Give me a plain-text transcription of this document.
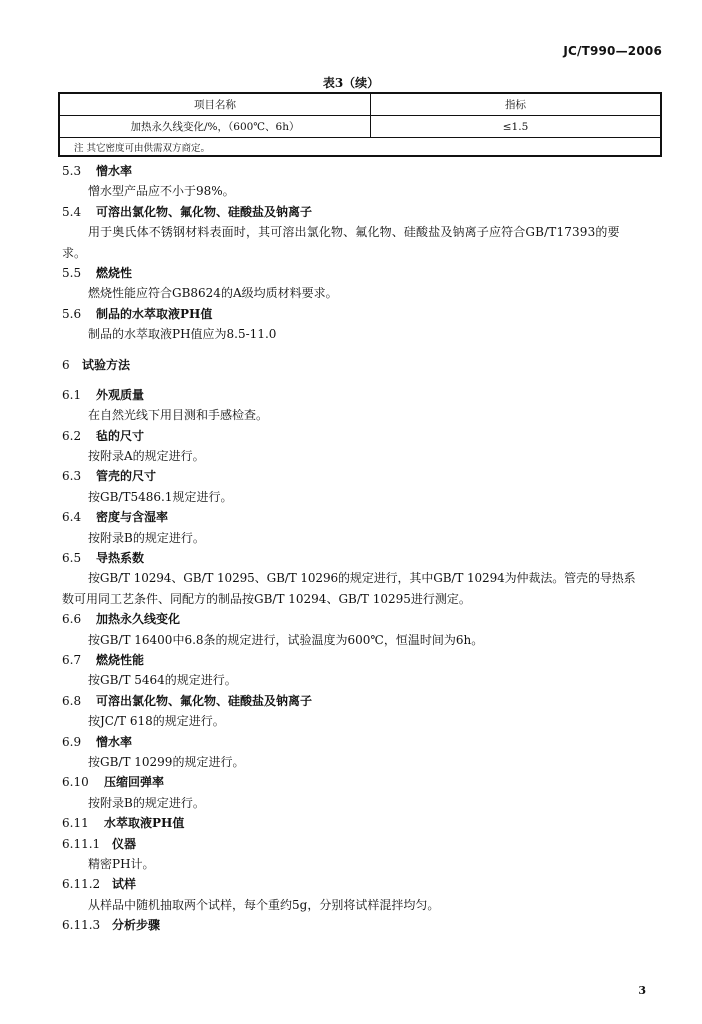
JC/T990—2006
表3（续）
项目名称	指标
加热永久线变化/%，（600℃、6h）	≤1.5
注 其它密度可由供需双方商定。	
5.3 憎水率
憎水型产品应不小于98%。
5.4 可溶出氯化物、氟化物、硅酸盐及钠离子
用于奥氏体不锈钢材料表面时，其可溶出氯化物、氟化物、硅酸盐及钠离子应符合GB/T17393的要
求。
5.5 燃烧性
燃烧性能应符合GB8624的A级均质材料要求。
5.6 制品的水萃取液PH值
制品的水萃取液PH值应为8.5-11.0
6 试验方法
6.1 外观质量
在自然光线下用目测和手感检查。
6.2 毡的尺寸
按附录A的规定进行。
6.3 管壳的尺寸
按GB/T5486.1规定进行。
6.4 密度与含湿率
按附录B的规定进行。
6.5 导热系数
按GB/T 10294、GB/T 10295、GB/T 10296的规定进行，其中GB/T 10294为仲裁法。管壳的导热系
数可用同工艺条件、同配方的制品按GB/T 10294、GB/T 10295进行测定。
6.6 加热永久线变化
按GB/T 16400中6.8条的规定进行，试验温度为600℃，恒温时间为6h。
6.7 燃烧性能
按GB/T 5464的规定进行。
6.8 可溶出氯化物、氟化物、硅酸盐及钠离子
按JC/T 618的规定进行。
6.9 憎水率
按GB/T 10299的规定进行。
6.10 压缩回弹率
按附录B的规定进行。
6.11 水萃取液PH值
6.11.1 仪器
精密PH计。
6.11.2 试样
从样品中随机抽取两个试样，每个重约5g，分别将试样混拌均匀。
6.11.3 分析步骤
3
